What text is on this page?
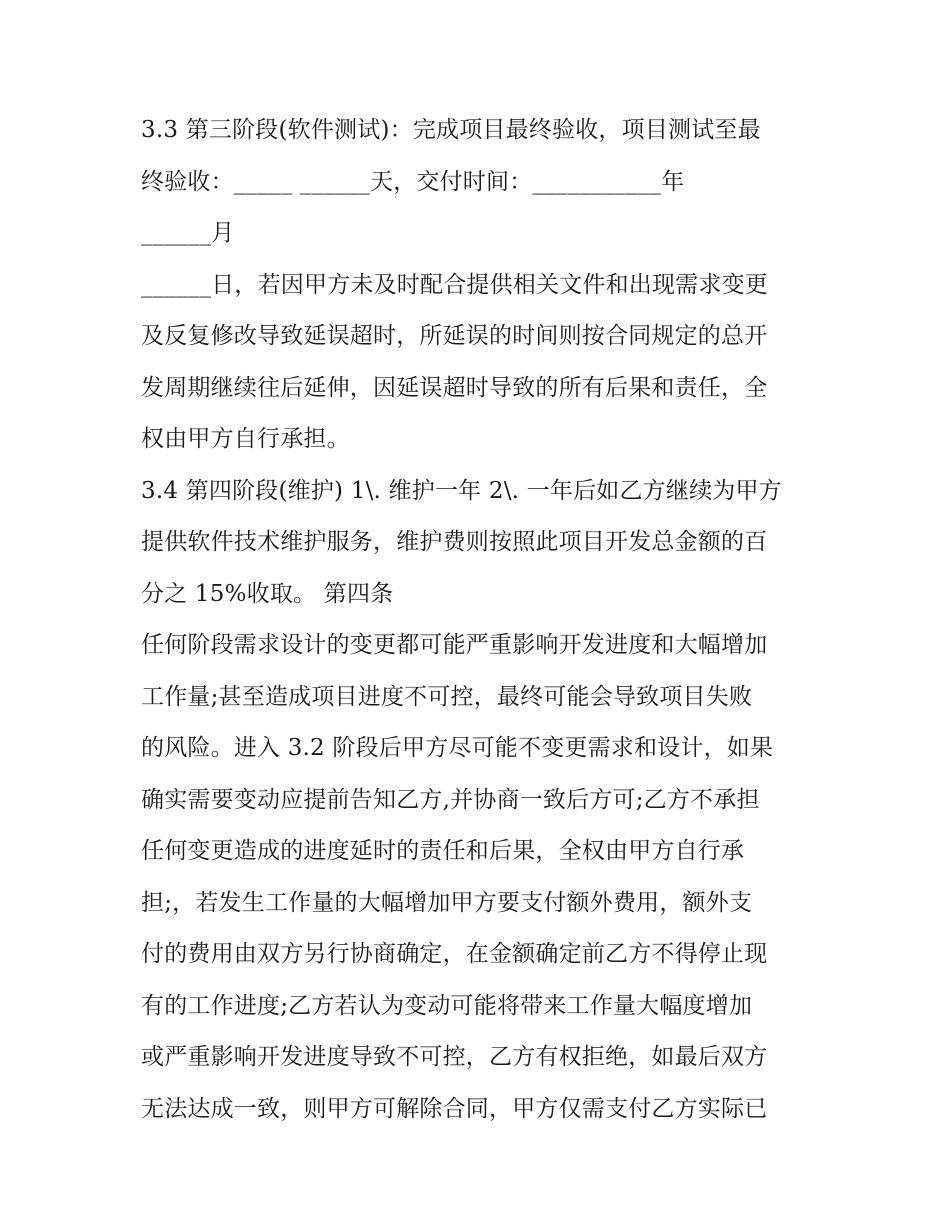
3.3 第三阶段(软件测试)：完成项目最终验收，项目测试至最
终验收：_____ ______天，交付时间：___________年
______月
______日，若因甲方未及时配合提供相关文件和出现需求变更
及反复修改导致延误超时，所延误的时间则按合同规定的总开
发周期继续往后延伸，因延误超时导致的所有后果和责任，全
权由甲方自行承担。
3.4 第四阶段(维护) 1\. 维护一年 2\. 一年后如乙方继续为甲方
提供软件技术维护服务，维护费则按照此项目开发总金额的百
分之 15%收取。 第四条
任何阶段需求设计的变更都可能严重影响开发进度和大幅增加
工作量;甚至造成项目进度不可控，最终可能会导致项目失败
的风险。进入 3.2 阶段后甲方尽可能不变更需求和设计，如果
确实需要变动应提前告知乙方,并协商一致后方可;乙方不承担
任何变更造成的进度延时的责任和后果，全权由甲方自行承
担;，若发生工作量的大幅增加甲方要支付额外费用，额外支
付的费用由双方另行协商确定，在金额确定前乙方不得停止现
有的工作进度;乙方若认为变动可能将带来工作量大幅度增加
或严重影响开发进度导致不可控，乙方有权拒绝，如最后双方
无法达成一致，则甲方可解除合同，甲方仅需支付乙方实际已
